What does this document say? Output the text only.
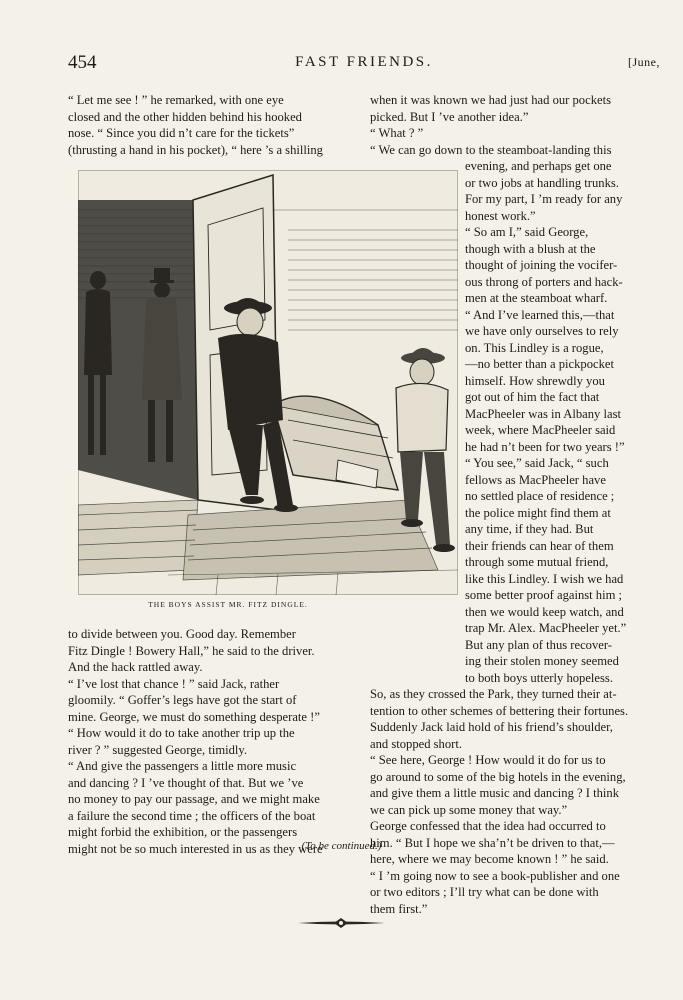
454	FAST FRIENDS.	[June,
“ Let me see ! ” he remarked, with one eye
closed and the other hidden behind his hooked
nose. “ Since you did n’t care for the tickets”
(thrusting a hand in his pocket), “ here ’s a shilling
THE BOYS ASSIST MR. FITZ DINGLE.
to divide between you. Good day. Remember
Fitz Dingle ! Bowery Hall,” he said to the driver.
And the hack rattled away.
“ I’ve lost that chance ! ” said Jack, rather
gloomily. “ Goffer’s legs have got the start of
mine. George, we must do something desperate !”
“ How would it do to take another trip up the
river ? ” suggested George, timidly.
“ And give the passengers a little more music
and dancing ? I ’ve thought of that. But we ’ve
no money to pay our passage, and we might make
a failure the second time ; the officers of the boat
might forbid the exhibition, or the passengers
might not be so much interested in us as they were
when it was known we had just had our pockets
picked. But I ’ve another idea.”
“ What ? ”
“ We can go down to the steamboat-landing this
evening, and perhaps get one
or two jobs at handling trunks.
For my part, I ’m ready for any
honest work.”
“ So am I,” said George,
though with a blush at the
thought of joining the vocifer-
ous throng of porters and hack-
men at the steamboat wharf.
“ And I’ve learned this,—that
we have only ourselves to rely
on. This Lindley is a rogue,
—no better than a pickpocket
himself. How shrewdly you
got out of him the fact that
MacPheeler was in Albany last
week, where MacPheeler said
he had n’t been for two years !”
“ You see,” said Jack, “ such
fellows as MacPheeler have
no settled place of residence ;
the police might find them at
any time, if they had. But
their friends can hear of them
through some mutual friend,
like this Lindley. I wish we had
some better proof against him ;
then we would keep watch, and
trap Mr. Alex. MacPheeler yet.”
But any plan of thus recover-
ing their stolen money seemed
to both boys utterly hopeless.
So, as they crossed the Park, they turned their at-
tention to other schemes of bettering their fortunes.
Suddenly Jack laid hold of his friend’s shoulder,
and stopped short.
“ See here, George ! How would it do for us to
go around to some of the big hotels in the evening,
and give them a little music and dancing ? I think
we can pick up some money that way.”
George confessed that the idea had occurred to
him. “ But I hope we sha’n’t be driven to that,—
here, where we may become known ! ” he said.
“ I ’m going now to see a book-publisher and one
or two editors ; I’ll try what can be done with
them first.”
(To be continued.)
